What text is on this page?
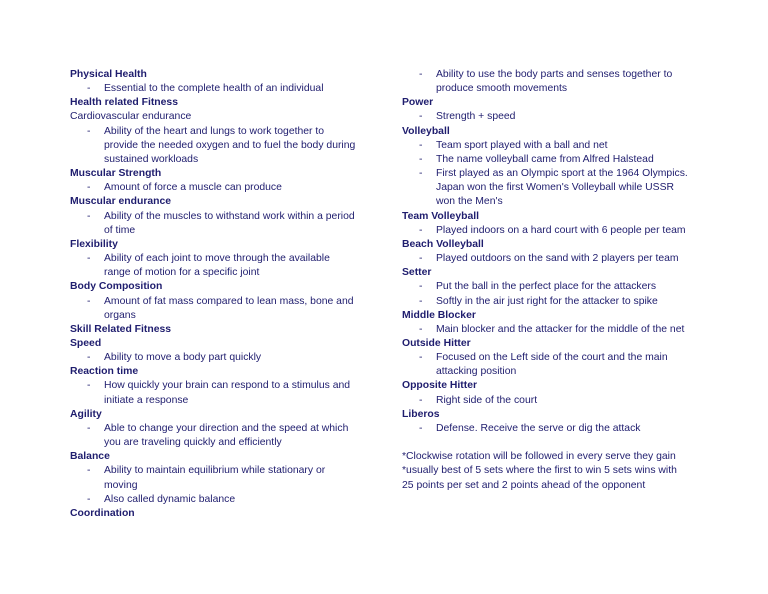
Physical Health
- Essential to the complete health of an individual
Health related Fitness
Cardiovascular endurance
- Ability of the heart and lungs to work together to
provide the needed oxygen and to fuel the body during
sustained workloads
Muscular Strength
- Amount of force a muscle can produce
Muscular endurance
- Ability of the muscles to withstand work within a period
of time
Flexibility
- Ability of each joint to move through the available
range of motion for a specific joint
Body Composition
- Amount of fat mass compared to lean mass, bone and
organs
Skill Related Fitness
Speed
- Ability to move a body part quickly
Reaction time
- How quickly your brain can respond to a stimulus and
initiate a response
Agility
- Able to change your direction and the speed at which
you are traveling quickly and efficiently
Balance
- Ability to maintain equilibrium while stationary or
moving
- Also called dynamic balance
Coordination
- Ability to use the body parts and senses together to
produce smooth movements
Power
- Strength + speed
Volleyball
- Team sport played with a ball and net
- The name volleyball came from Alfred Halstead
- First played as an Olympic sport at the 1964 Olympics.
Japan won the first Women's Volleyball while USSR
won the Men's
Team Volleyball
- Played indoors on a hard court with 6 people per team
Beach Volleyball
- Played outdoors on the sand with 2 players per team
Setter
- Put the ball in the perfect place for the attackers
- Softly in the air just right for the attacker to spike
Middle Blocker
- Main blocker and the attacker for the middle of the net
Outside Hitter
- Focused on the Left side of the court and the main
attacking position
Opposite Hitter
- Right side of the court
Liberos
- Defense. Receive the serve or dig the attack
*Clockwise rotation will be followed in every serve they gain
*usually best of 5 sets where the first to win 5 sets wins with
25 points per set and 2 points ahead of the opponent
